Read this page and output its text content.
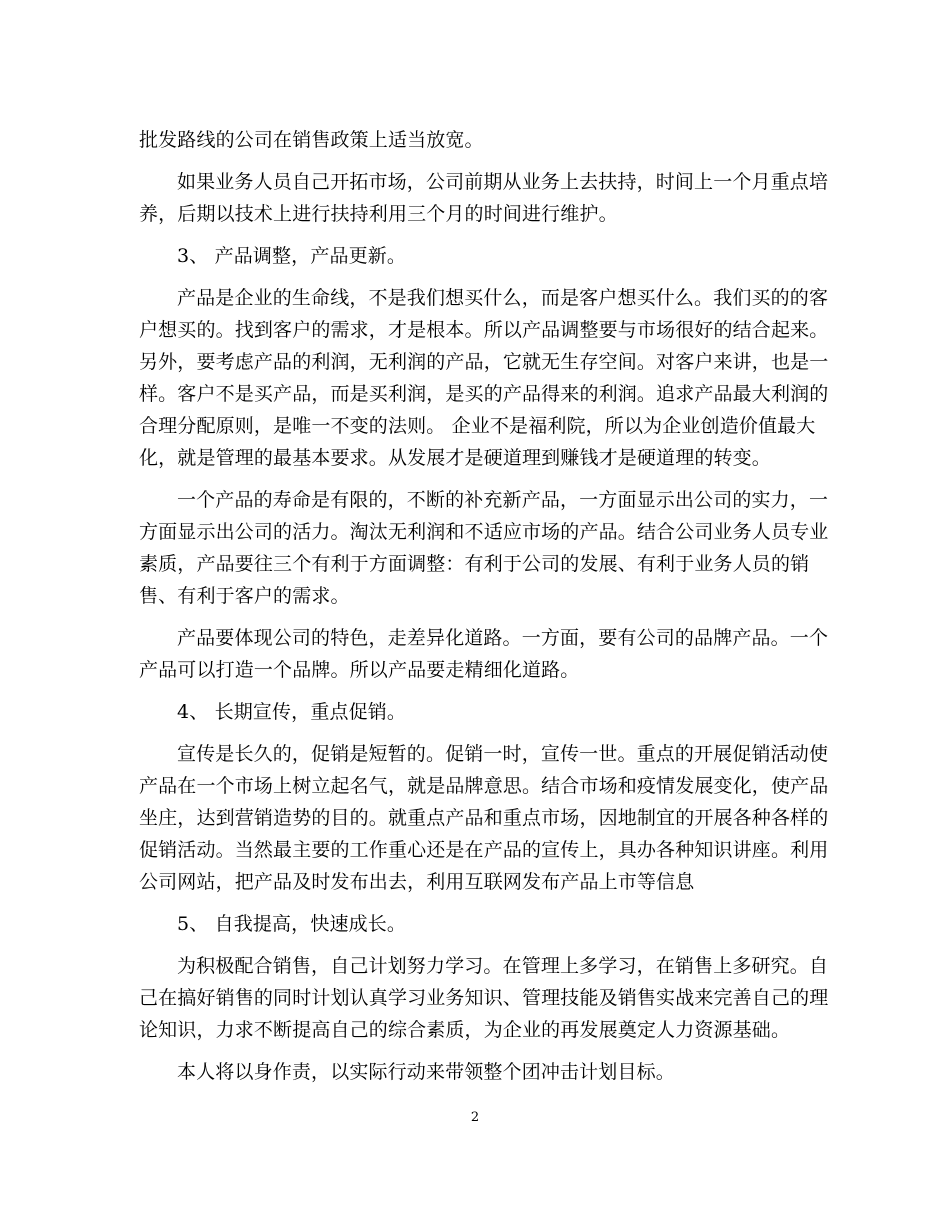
批发路线的公司在销售政策上适当放宽。
如果业务人员自己开拓市场，公司前期从业务上去扶持，时间上一个月重点培
养，后期以技术上进行扶持利用三个月的时间进行维护。
3、 产品调整，产品更新。
产品是企业的生命线，不是我们想买什么，而是客户想买什么。我们买的的客
户想买的。找到客户的需求，才是根本。所以产品调整要与市场很好的结合起来。
另外，要考虑产品的利润，无利润的产品，它就无生存空间。对客户来讲，也是一
样。客户不是买产品，而是买利润，是买的产品得来的利润。追求产品最大利润的
合理分配原则，是唯一不变的法则。 企业不是福利院，所以为企业创造价值最大
化，就是管理的最基本要求。从发展才是硬道理到赚钱才是硬道理的转变。
一个产品的寿命是有限的，不断的补充新产品，一方面显示出公司的实力，一
方面显示出公司的活力。淘汰无利润和不适应市场的产品。结合公司业务人员专业
素质，产品要往三个有利于方面调整：有利于公司的发展、有利于业务人员的销
售、有利于客户的需求。
产品要体现公司的特色，走差异化道路。一方面，要有公司的品牌产品。一个
产品可以打造一个品牌。所以产品要走精细化道路。
4、 长期宣传，重点促销。
宣传是长久的，促销是短暂的。促销一时，宣传一世。重点的开展促销活动使
产品在一个市场上树立起名气，就是品牌意思。结合市场和疫情发展变化，使产品
坐庄，达到营销造势的目的。就重点产品和重点市场，因地制宜的开展各种各样的
促销活动。当然最主要的工作重心还是在产品的宣传上，具办各种知识讲座。利用
公司网站，把产品及时发布出去，利用互联网发布产品上市等信息
5、 自我提高，快速成长。
为积极配合销售，自己计划努力学习。在管理上多学习，在销售上多研究。自
己在搞好销售的同时计划认真学习业务知识、管理技能及销售实战来完善自己的理
论知识，力求不断提高自己的综合素质，为企业的再发展奠定人力资源基础。
本人将以身作责，以实际行动来带领整个团冲击计划目标。
2
